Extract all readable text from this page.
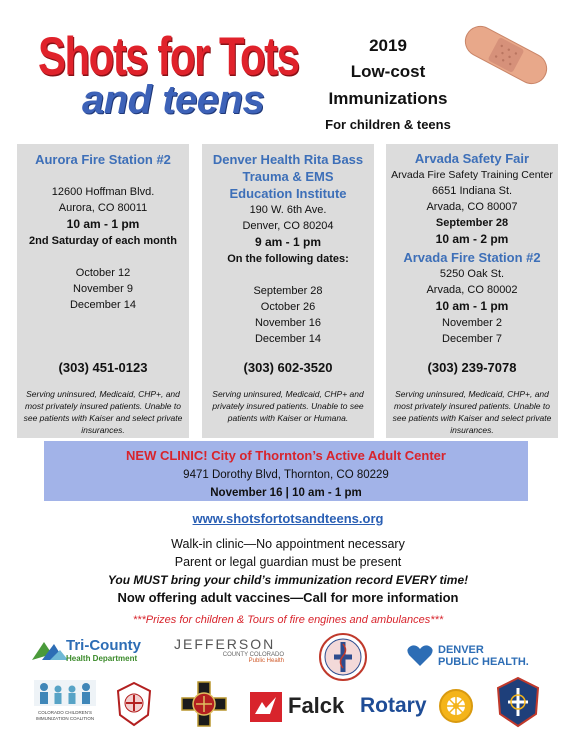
Shots for Tots
and teens
2019
Low-cost
Immunizations
For children & teens
Aurora Fire Station #2
12600 Hoffman Blvd.
Aurora, CO 80011
10 am - 1 pm
2nd Saturday of each month
October 12
November 9
December 14
(303) 451-0123
Serving uninsured, Medicaid, CHP+, and most privately insured patients. Unable to see patients with Kaiser and select private insurances.
Denver Health Rita Bass
Trauma & EMS
Education Institute
190 W. 6th Ave.
Denver, CO 80204
9 am - 1 pm
On the following dates:
September 28
October 26
November 16
December 14
(303) 602-3520
Serving uninsured, Medicaid, CHP+ and privately insured patients. Unable to see patients with Kaiser or Humana.
Arvada Safety Fair
Arvada Fire Safety Training Center
6651 Indiana St.
Arvada, CO 80007
September 28
10 am - 2 pm
Arvada Fire Station #2
5250 Oak St.
Arvada, CO 80002
10 am - 1 pm
November 2
December 7
(303) 239-7078
Serving uninsured, Medicaid, CHP+, and most privately insured patients. Unable to see patients with Kaiser and select private insurances.
NEW CLINIC! City of Thornton’s Active Adult Center
9471 Dorothy Blvd, Thornton, CO 80229
November 16 | 10 am - 1 pm
www.shotsfortotsandteens.org
Walk-in clinic—No appointment necessary
Parent or legal guardian must be present
You MUST bring your child’s immunization record EVERY time!
Now offering adult vaccines—Call for more information
***Prizes for children & Tours of fire engines and ambulances***
Tri-County
Health Department
JEFFERSON
COUNTY COLORADO
Public Health
DENVER
PUBLIC HEALTH.
COLORADO CHILDREN’S IMMUNIZATION COALITION
Falck Rotary
